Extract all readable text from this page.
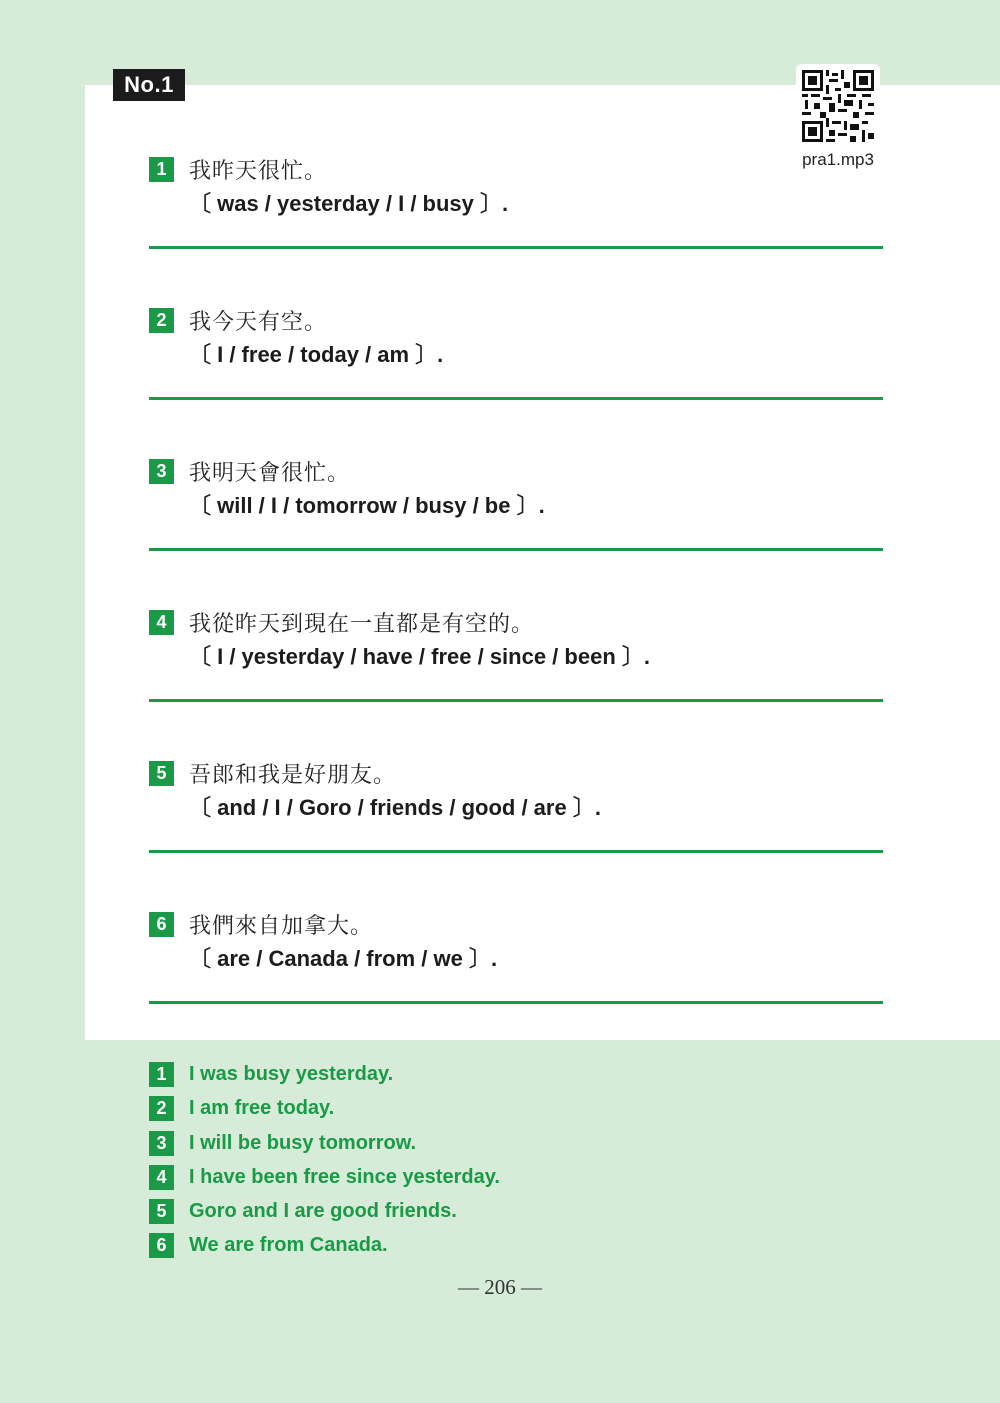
No.1
pra1.mp3
1	我昨天很忙。
〔 was / yesterday / I / busy 〕.
2	我今天有空。
〔 I / free / today / am 〕.
3	我明天會很忙。
〔 will / I / tomorrow / busy / be 〕.
4	我從昨天到現在一直都是有空的。
〔 I / yesterday / have / free / since / been 〕.
5	吾郎和我是好朋友。
〔 and / I / Goro / friends / good / are 〕.
6	我們來自加拿大。
〔 are / Canada / from / we 〕.
1	I was busy yesterday.
2	I am free today.
3	I will be busy tomorrow.
4	I have been free since yesterday.
5	Goro and I are good friends.
6	We are from Canada.
— 206 —
